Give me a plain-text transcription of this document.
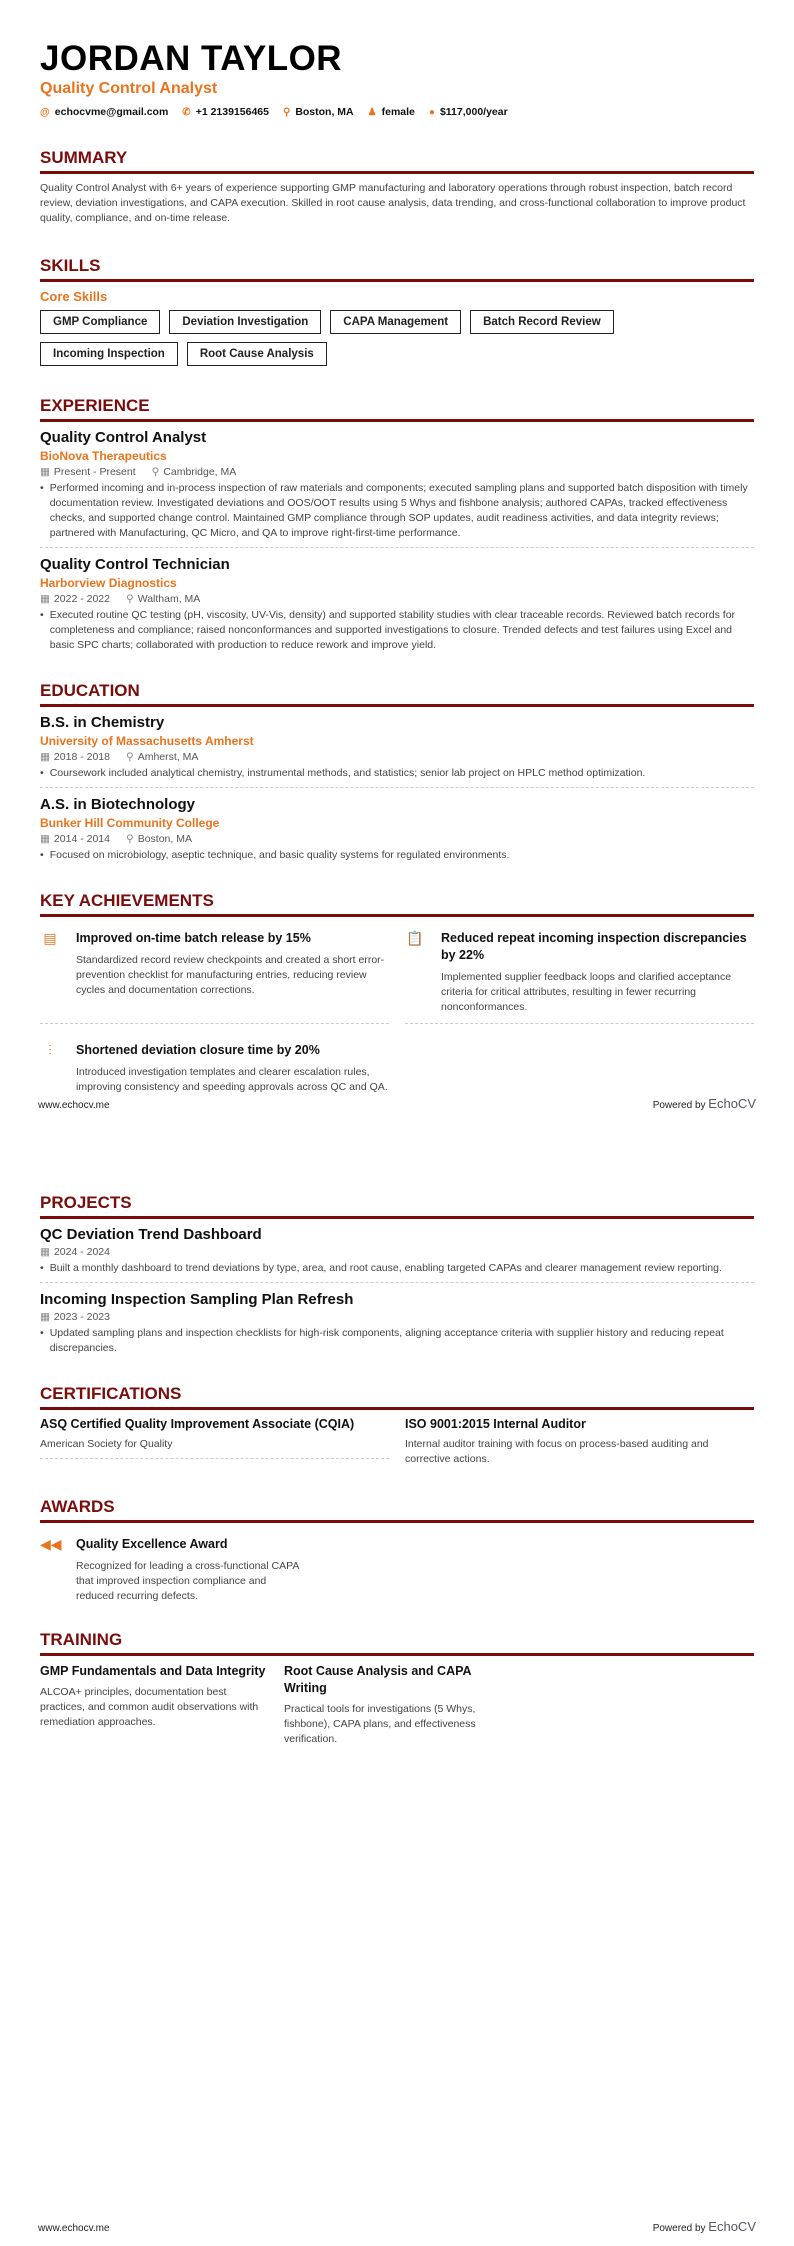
JORDAN TAYLOR
Quality Control Analyst
@ echocvme@gmail.com ✆ +1 2139156465 ⚲ Boston, MA ♟ female ● $117,000/year
SUMMARY

Quality Control Analyst with 6+ years of experience supporting GMP manufacturing and laboratory operations through robust inspection, batch record review, deviation investigations, and CAPA execution. Skilled in root cause analysis, data trending, and cross-functional collaboration to improve product quality, compliance, and on-time release.

SKILLS
Core Skills
GMP Compliance	Deviation Investigation	CAPA Management	Batch Record Review
Incoming Inspection	Root Cause Analysis
EXPERIENCE
Quality Control Analyst
BioNova Therapeutics
▦ Present - Present ⚲ Cambridge, MA
• Performed incoming and in-process inspection of raw materials and components; executed sampling plans and supported batch disposition with timely documentation review. Investigated deviations and OOS/OOT results using 5 Whys and fishbone analysis; authored CAPAs, tracked effectiveness checks, and supported change control. Maintained GMP compliance through SOP updates, audit readiness activities, and data integrity reviews; partnered with Manufacturing, QC Micro, and QA to improve right-first-time performance.
Quality Control Technician
Harborview Diagnostics
▦ 2022 - 2022 ⚲ Waltham, MA
• Executed routine QC testing (pH, viscosity, UV-Vis, density) and supported stability studies with clear traceable records. Reviewed batch records for completeness and compliance; raised nonconformances and supported investigations to closure. Trended defects and test failures using Excel and basic SPC charts; collaborated with production to reduce rework and improve yield.
EDUCATION
B.S. in Chemistry
University of Massachusetts Amherst
▦ 2018 - 2018 ⚲ Amherst, MA
• Coursework included analytical chemistry, instrumental methods, and statistics; senior lab project on HPLC method optimization.
A.S. in Biotechnology
Bunker Hill Community College
▦ 2014 - 2014 ⚲ Boston, MA
• Focused on microbiology, aseptic technique, and basic quality systems for regulated environments.
KEY ACHIEVEMENTS
▤ Improved on-time batch release by 15%

Standardized record review checkpoints and created a short error-prevention checklist for manufacturing entries, reducing review cycles and documentation corrections.

📋 Reduced repeat incoming inspection discrepancies by 22%

Implemented supplier feedback loops and clarified acceptance criteria for critical attributes, resulting in fewer recurring nonconformances.

⫶	Shortened deviation closure time by 20%

Introduced investigation templates and clearer escalation rules, improving consistency and speeding approvals across QC and QA.

www.echocv.me	Powered by EchoCV
PROJECTS
QC Deviation Trend Dashboard
▦ 2024 - 2024
• Built a monthly dashboard to trend deviations by type, area, and root cause, enabling targeted CAPAs and clearer management review reporting.
Incoming Inspection Sampling Plan Refresh
▦ 2023 - 2023
• Updated sampling plans and inspection checklists for high-risk components, aligning acceptance criteria with supplier history and reducing repeat discrepancies.
CERTIFICATIONS
ASQ Certified Quality Improvement Associate (CQIA)

American Society for Quality

ISO 9001:2015 Internal Auditor

Internal auditor training with focus on process-based auditing and corrective actions.

AWARDS
◀◀ Quality Excellence Award

Recognized for leading a cross-functional CAPA that improved inspection compliance and reduced recurring defects.

TRAINING
GMP Fundamentals and Data Integrity

ALCOA+ principles, documentation best practices, and common audit observations with remediation approaches.

Root Cause Analysis and CAPA Writing

Practical tools for investigations (5 Whys, fishbone), CAPA plans, and effectiveness verification.

www.echocv.me	Powered by EchoCV
